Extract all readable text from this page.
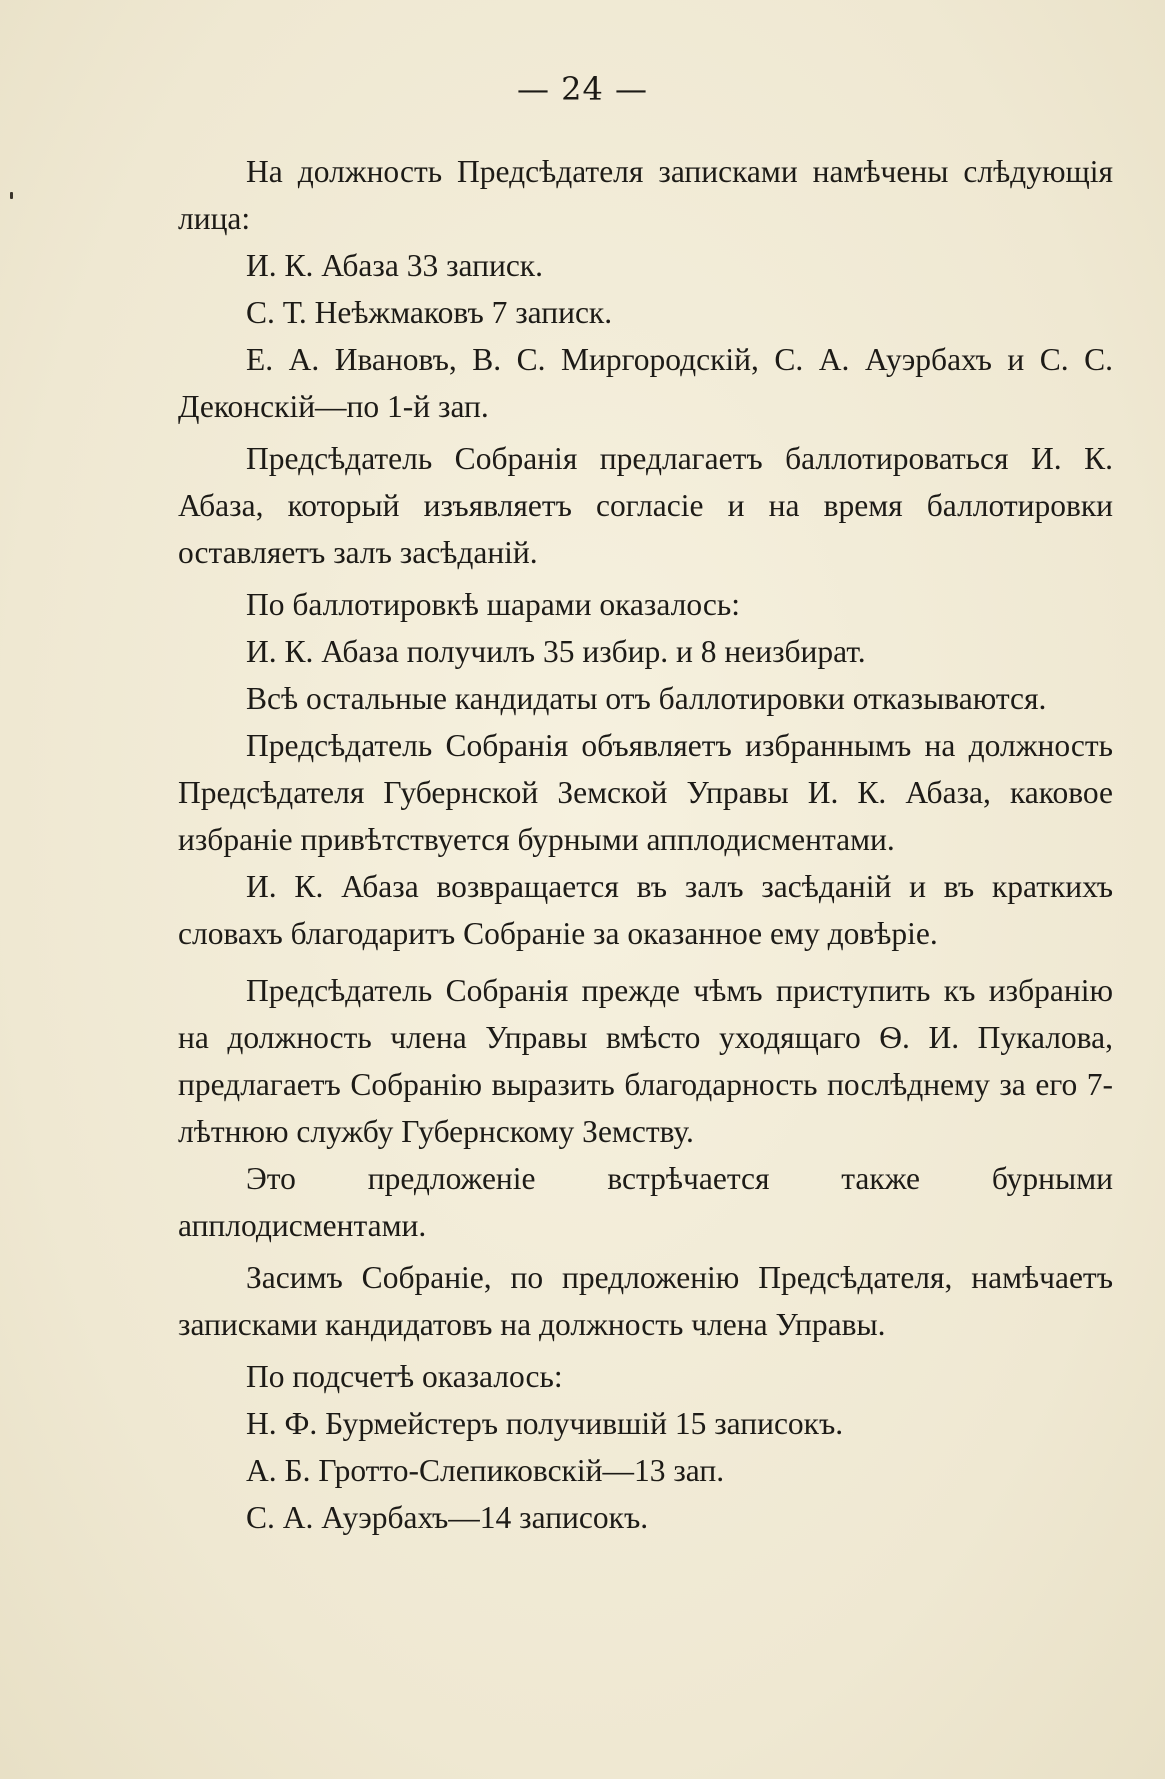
— 24 —

На должность Предсѣдателя записками намѣчены слѣдующія лица:

И. К. Абаза 33 записк.

С. Т. Неѣжмаковъ 7 записк.

Е. А. Ивановъ, В. С. Миргородскій, С. А. Ауэрбахъ и С. С. Деконскій—по 1-й зап.

Предсѣдатель Собранія предлагаетъ баллотироваться И. К. Абаза, который изъявляетъ согласіе и на время баллотировки оставляетъ залъ засѣданій.

По баллотировкѣ шарами оказалось:

И. К. Абаза получилъ 35 избир. и 8 неизбират.

Всѣ остальные кандидаты отъ баллотировки отказываются.

Предсѣдатель Собранія объявляетъ избраннымъ на должность Предсѣдателя Губернской Земской Управы И. К. Абаза, каковое избраніе привѣтствуется бурными апплодисментами.

И. К. Абаза возвращается въ залъ засѣданій и въ краткихъ словахъ благодаритъ Собраніе за оказанное ему довѣріе.

Предсѣдатель Собранія прежде чѣмъ приступить къ избранію на должность члена Управы вмѣсто уходящаго Ѳ. И. Пукалова, предлагаетъ Собранію выразить благодарность послѣднему за его 7-лѣтнюю службу Губернскому Земству.

Это предложеніе встрѣчается также бурными апплодисментами.

Засимъ Собраніе, по предложенію Предсѣдателя, намѣчаетъ записками кандидатовъ на должность члена Управы.

По подсчетѣ оказалось:

Н. Ф. Бурмейстеръ получившій 15 записокъ.

А. Б. Гротто-Слепиковскій—13 зап.

С. А. Ауэрбахъ—14 записокъ.
